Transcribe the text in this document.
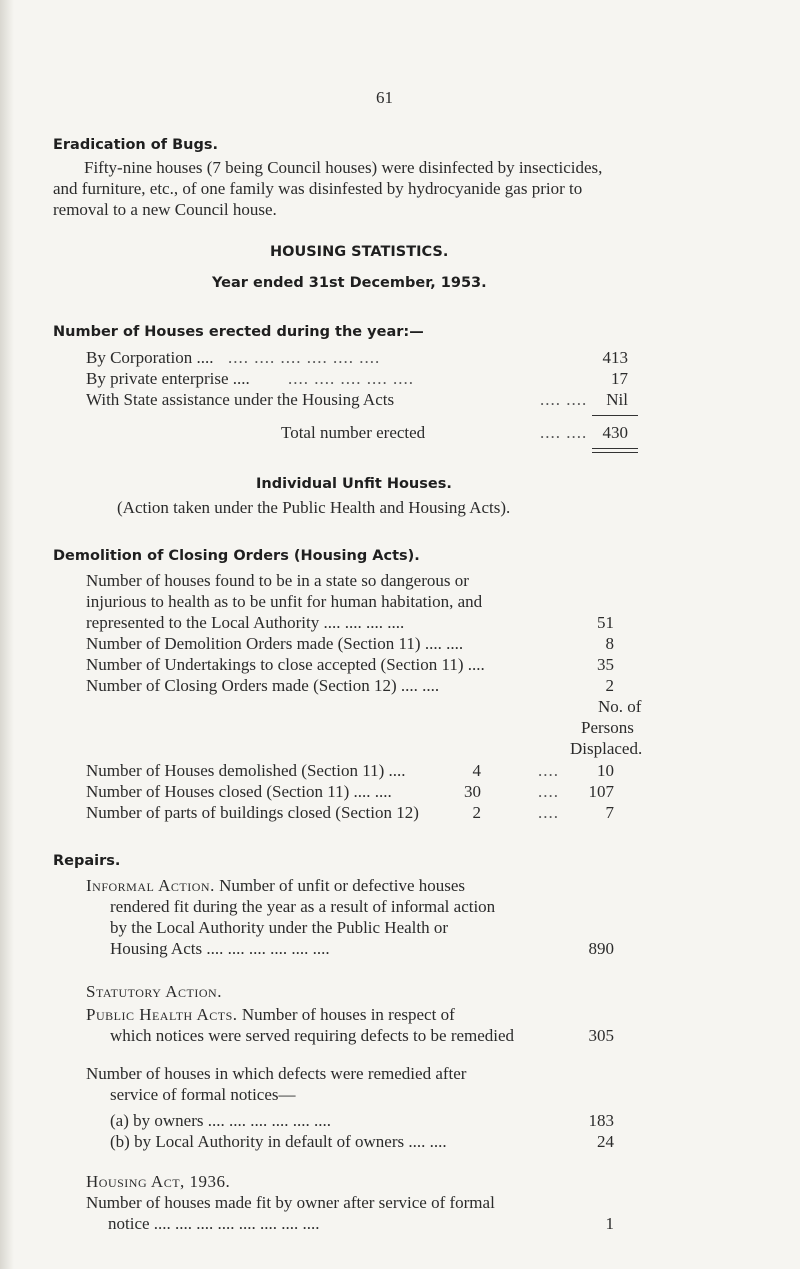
61
Eradication of Bugs.
Fifty-nine houses (7 being Council houses) were disinfected by insecticides,
and furniture, etc., of one family was disinfested by hydrocyanide gas prior to
removal to a new Council house.
HOUSING STATISTICS.
Year ended 31st December, 1953.
Number of Houses erected during the year:—
By Corporation .... .... .... .... .... .... ....	413
By private enterprise .... .... .... .... .... ....	17
With State assistance under the Housing Acts	.... .... Nil
Total number erected	.... .... 430
Individual Unfit Houses.
(Action taken under the Public Health and Housing Acts).
Demolition of Closing Orders (Housing Acts).
Number of houses found to be in a state so dangerous or
injurious to health as to be unfit for human habitation, and
represented to the Local Authority .... .... .... ....	51
Number of Demolition Orders made (Section 11) .... ....	8
Number of Undertakings to close accepted (Section 11) ....	35
Number of Closing Orders made (Section 12) .... ....	2
No. of
Persons
Displaced.
Number of Houses demolished (Section 11) ....	4	.... 10
Number of Houses closed (Section 11) .... ....	30	.... 107
Number of parts of buildings closed (Section 12)	2	....	7
Repairs.
Informal Action. Number of unfit or defective houses
rendered fit during the year as a result of informal action
by the Local Authority under the Public Health or
Housing Acts .... .... .... .... .... ....	890
Statutory Action.
Public Health Acts. Number of houses in respect of
which notices were served requiring defects to be remedied	305
Number of houses in which defects were remedied after
service of formal notices—
(a) by owners .... .... .... .... .... ....	183
(b) by Local Authority in default of owners .... ....	24
Housing Act, 1936.
Number of houses made fit by owner after service of formal
notice .... .... .... .... .... .... .... ....	1
